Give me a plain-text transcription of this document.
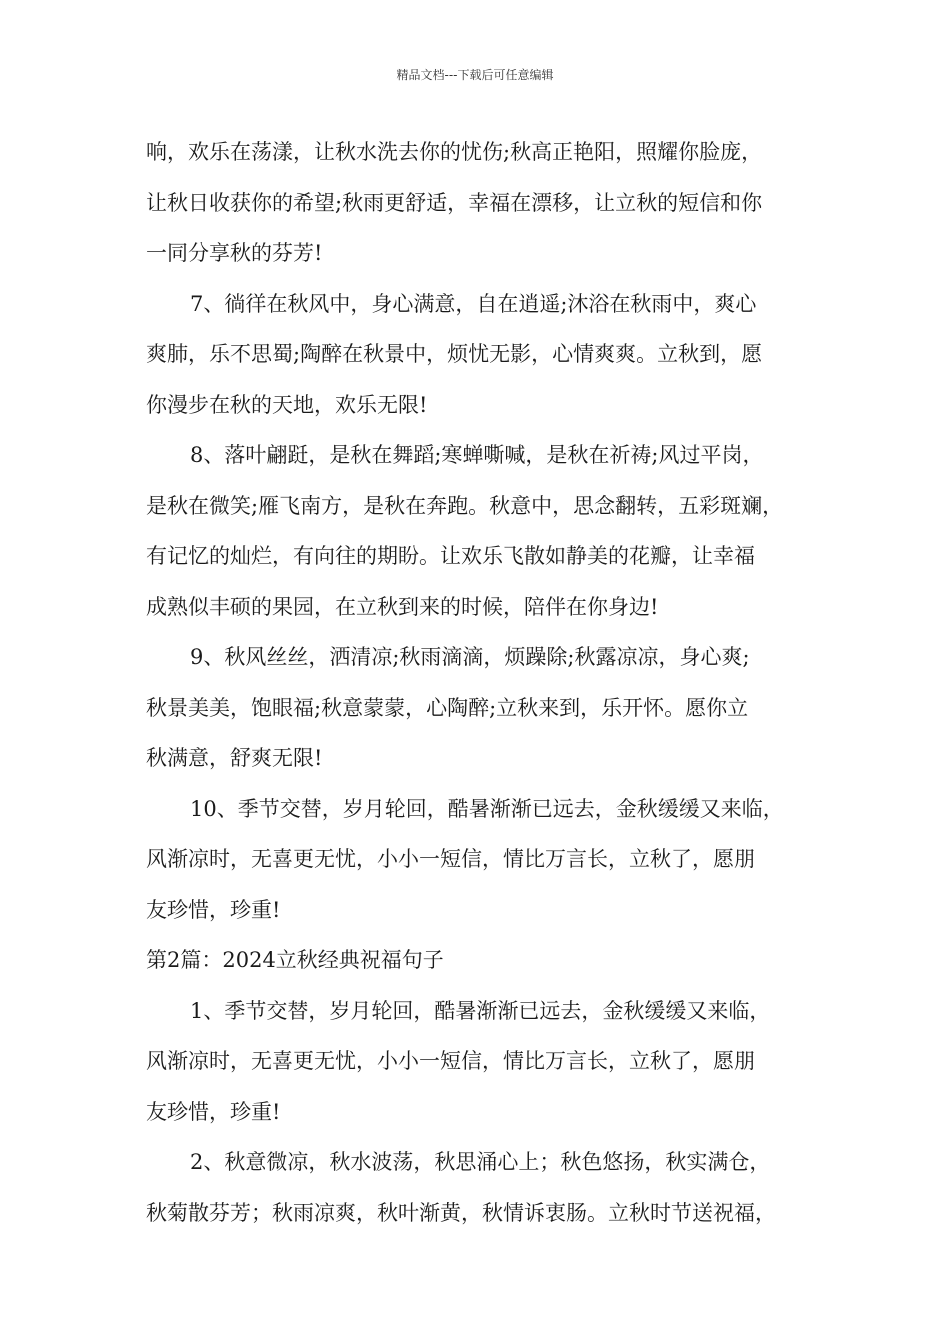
精品文档---下载后可任意编辑
响，欢乐在荡漾，让秋水洗去你的忧伤;秋高正艳阳，照耀你脸庞，
让秋日收获你的希望;秋雨更舒适，幸福在漂移，让立秋的短信和你
一同分享秋的芬芳!
7、徜徉在秋风中，身心满意，自在逍遥;沐浴在秋雨中，爽心
爽肺，乐不思蜀;陶醉在秋景中，烦忧无影，心情爽爽。立秋到，愿
你漫步在秋的天地，欢乐无限!
8、落叶翩跹，是秋在舞蹈;寒蝉嘶喊，是秋在祈祷;风过平岗，
是秋在微笑;雁飞南方，是秋在奔跑。秋意中，思念翻转，五彩斑斓，
有记忆的灿烂，有向往的期盼。让欢乐飞散如静美的花瓣，让幸福
成熟似丰硕的果园，在立秋到来的时候，陪伴在你身边!
9、秋风丝丝，洒清凉;秋雨滴滴，烦躁除;秋露凉凉，身心爽;
秋景美美，饱眼福;秋意蒙蒙，心陶醉;立秋来到，乐开怀。愿你立
秋满意，舒爽无限!
10、季节交替，岁月轮回，酷暑渐渐已远去，金秋缓缓又来临，
风渐凉时，无喜更无忧，小小一短信，情比万言长，立秋了，愿朋
友珍惜，珍重!
第2篇：2024立秋经典祝福句子
1、季节交替，岁月轮回，酷暑渐渐已远去，金秋缓缓又来临，
风渐凉时，无喜更无忧，小小一短信，情比万言长，立秋了，愿朋
友珍惜，珍重!
2、秋意微凉，秋水波荡，秋思涌心上；秋色悠扬，秋实满仓，
秋菊散芬芳；秋雨凉爽，秋叶渐黄，秋情诉衷肠。立秋时节送祝福，
